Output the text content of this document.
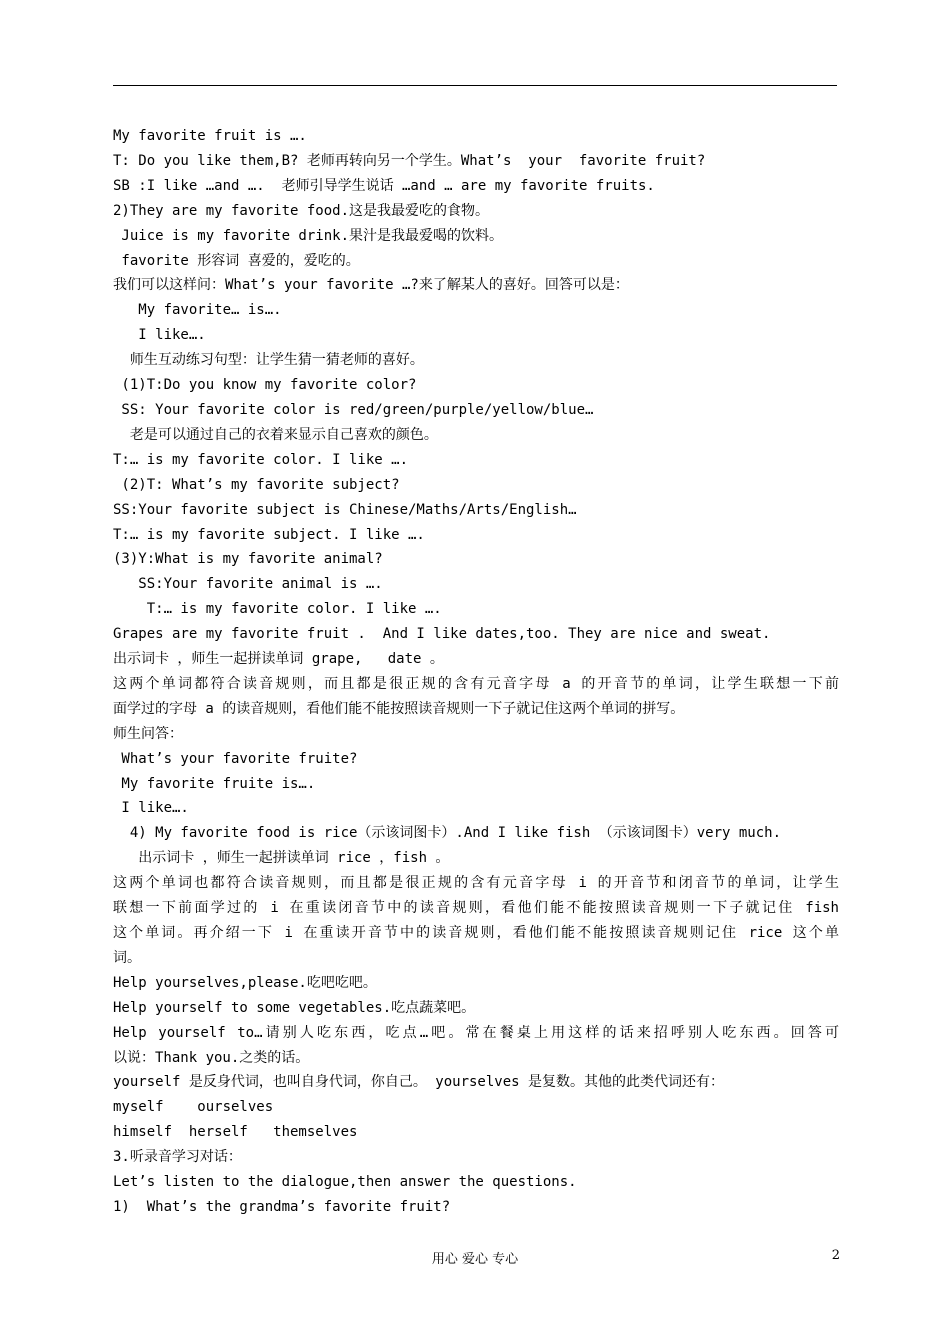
My favorite fruit is ….
T: Do you like them,B? 老师再转向另一个学生。What’s  your  favorite fruit?
SB :I like …and ….  老师引导学生说话 …and … are my favorite fruits.
2)They are my favorite food.这是我最爱吃的食物。
Juice is my favorite drink.果汁是我最爱喝的饮料。
favorite 形容词 喜爱的，爱吃的。
我们可以这样问：What’s your favorite …?来了解某人的喜好。回答可以是：
My favorite… is….
I like….
师生互动练习句型：让学生猜一猜老师的喜好。
(1)T:Do you know my favorite color?
SS: Your favorite color is red/green/purple/yellow/blue…
老是可以通过自己的衣着来显示自己喜欢的颜色。
T:… is my favorite color. I like ….
(2)T: What’s my favorite subject?
SS:Your favorite subject is Chinese/Maths/Arts/English…
T:… is my favorite subject. I like ….
(3)Y:What is my favorite animal?
SS:Your favorite animal is ….
T:… is my favorite color. I like ….
Grapes are my favorite fruit .  And I like dates,too. They are nice and sweat.
出示词卡 ，师生一起拼读单词 grape,   date 。
这两个单词都符合读音规则，而且都是很正规的含有元音字母 a 的开音节的单词，让学生联想一下前
面学过的字母 a 的读音规则，看他们能不能按照读音规则一下子就记住这两个单词的拼写。
师生问答：
What’s your favorite fruite?
My favorite fruite is….
I like….
4) My favorite food is rice（示该词图卡）.And I like fish （示该词图卡）very much.
出示词卡 ，师生一起拼读单词 rice ，fish 。
这两个单词也都符合读音规则，而且都是很正规的含有元音字母 i 的开音节和闭音节的单词，让学生
联想一下前面学过的 i 在重读闭音节中的读音规则，看他们能不能按照读音规则一下子就记住 fish
这个单词。再介绍一下 i 在重读开音节中的读音规则，看他们能不能按照读音规则记住 rice 这个单
词。
Help yourselves,please.吃吧吃吧。
Help yourself to some vegetables.吃点蔬菜吧。
Help yourself to…请别人吃东西，吃点…吧。常在餐桌上用这样的话来招呼别人吃东西。回答可
以说：Thank you.之类的话。
yourself 是反身代词，也叫自身代词，你自己。 yourselves 是复数。其他的此类代词还有：
myself    ourselves
himself  herself   themselves
3.听录音学习对话：
Let’s listen to the dialogue,then answer the questions.
1)  What’s the grandma’s favorite fruit?
用心 爱心 专心	2
